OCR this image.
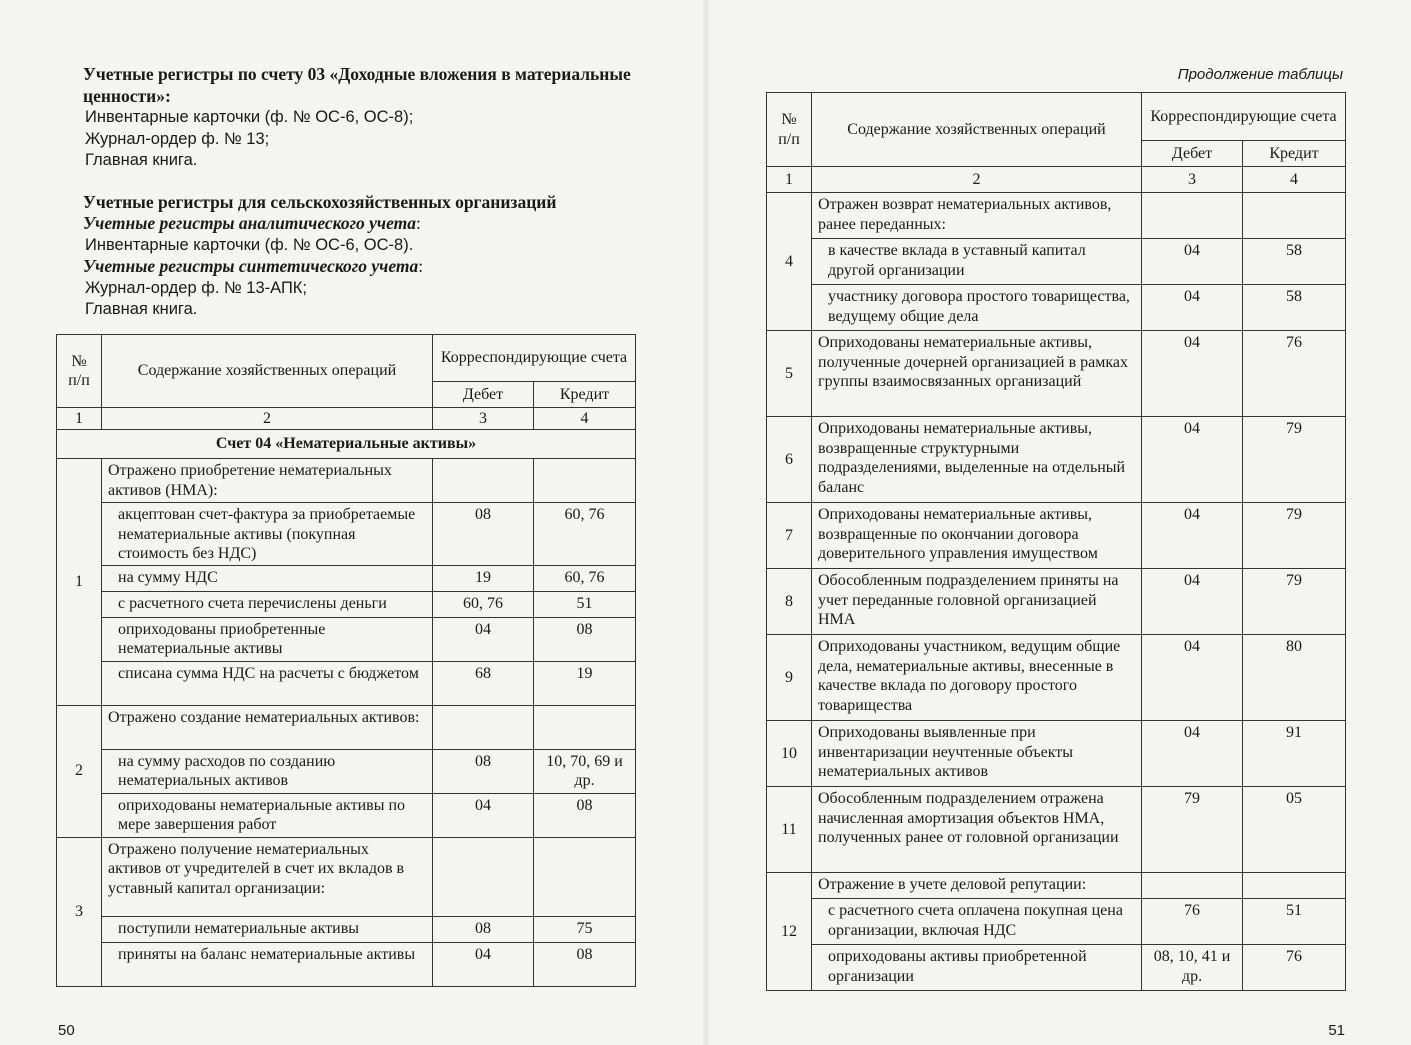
Учетные регистры по счету 03 «Доходные вложения в материальные ценности»:
Инвентарные карточки (ф. № ОС-6, ОС-8);
Журнал-ордер ф. № 13;
Главная книга.
Учетные регистры для сельскохозяйственных организаций
Учетные регистры аналитического учета:
Инвентарные карточки (ф. № ОС-6, ОС-8).
Учетные регистры синтетического учета:
Журнал-ордер ф. № 13-АПК;
Главная книга.
№ п/п	Содержание хозяйственных операций	Корреспондирующие счета	
		Дебет	Кредит
1	2	3	4
Счет 04 «Нематериальные активы»			
1	Отражено приобретение нематериальных активов (НМА):		
	акцептован счет-фактура за приобретаемые нематериальные активы (покупная стоимость без НДС)	08	60, 76
	на сумму НДС	19	60, 76
	с расчетного счета перечислены деньги	60, 76	51
	оприходованы приобретенные нематериальные активы	04	08
	списана сумма НДС на расчеты с бюджетом	68	19
2	Отражено создание нематериальных активов:		
	на сумму расходов по созданию нематериальных активов	08	10, 70, 69 и др.
	оприходованы нематериальные активы по мере завершения работ	04	08
3	Отражено получение нематериальных активов от учредителей в счет их вкладов в уставный капитал организации:		
	поступили нематериальные активы	08	75
	приняты на баланс нематериальные активы	04	08
50
Продолжение таблицы
№ п/п	Содержание хозяйственных операций	Корреспондирующие счета	
		Дебет	Кредит
1	2	3	4
4	Отражен возврат нематериальных активов, ранее переданных:		
	в качестве вклада в уставный капитал другой организации	04	58
	участнику договора простого товарищества, ведущему общие дела	04	58
5	Оприходованы нематериальные активы, полученные дочерней организацией в рамках группы взаимосвязанных организаций	04	76
6	Оприходованы нематериальные активы, возвращенные структурными подразделениями, выделенные на отдельный баланс	04	79
7	Оприходованы нематериальные активы, возвращенные по окончании договора доверительного управления имуществом	04	79
8	Обособленным подразделением приняты на учет переданные головной организацией НМА	04	79
9	Оприходованы участником, ведущим общие дела, нематериальные активы, внесенные в качестве вклада по договору простого товарищества	04	80
10	Оприходованы выявленные при инвентаризации неучтенные объекты нематериальных активов	04	91
11	Обособленным подразделением отражена начисленная амортизация объектов НМА, полученных ранее от головной организации	79	05
12	Отражение в учете деловой репутации:		
	с расчетного счета оплачена покупная цена организации, включая НДС	76	51
	оприходованы активы приобретенной организации	08, 10, 41 и др.	76
51
